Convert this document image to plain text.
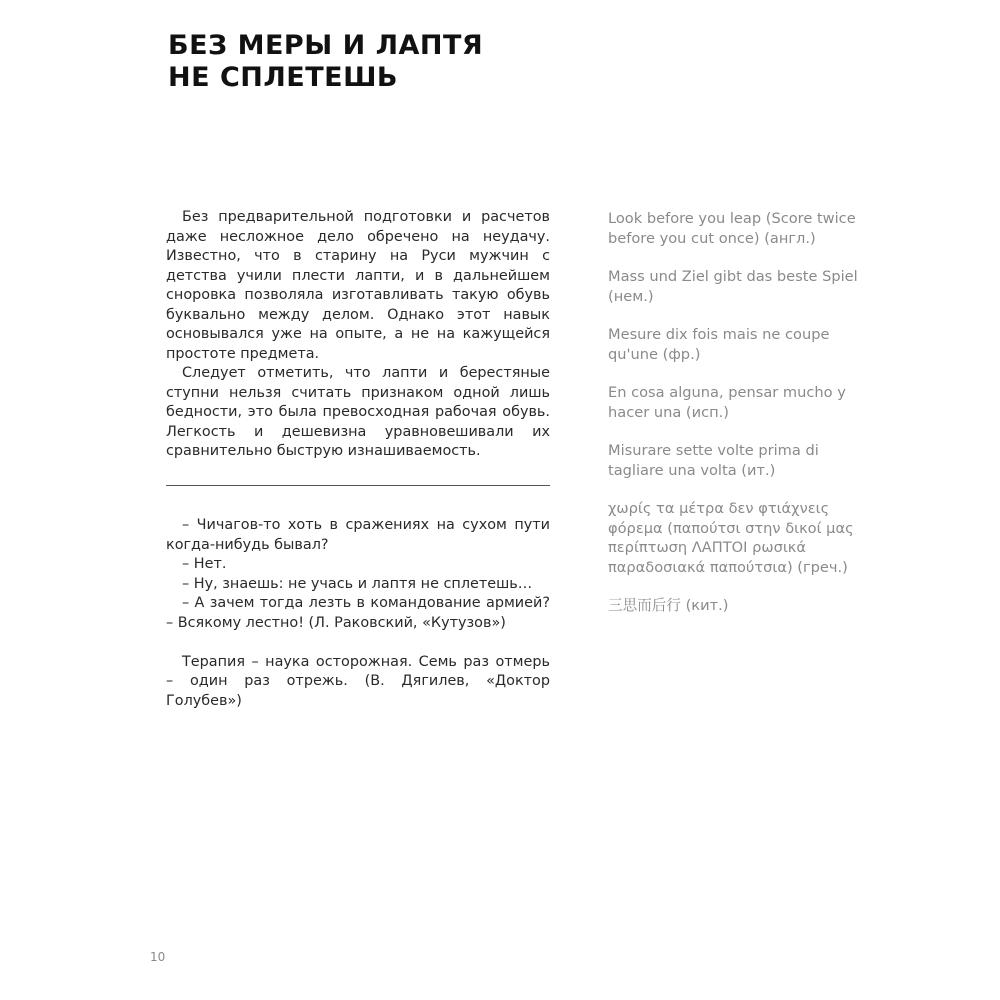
БЕЗ МЕРЫ И ЛАПТЯ
НЕ СПЛЕТЕШЬ

Без предварительной подготовки и расчетов даже несложное дело обречено на неудачу. Известно, что в старину на Руси мужчин с детства учили плести лапти, и в дальнейшем сноровка позволяла изготавливать такую обувь буквально между делом. Однако этот навык основывался уже на опыте, а не на кажущейся простоте предмета.

Следует отметить, что лапти и берестяные ступни нельзя считать признаком одной лишь бедности, это была превосходная рабочая обувь. Легкость и дешевизна уравновешивали их сравнительно быструю изнашиваемость.

– Чичагов-то хоть в сражениях на сухом пути когда-нибудь бывал?

– Нет.

– Ну, знаешь: не учась и лаптя не сплетешь…

– А зачем тогда лезть в командование армией? – Всякому лестно! (Л. Раковский, «Кутузов»)

Терапия – наука осторожная. Семь раз отмерь – один раз отрежь. (В. Дягилев, «Доктор Голубев»)

Look before you leap (Score twice before you cut once) (англ.)

Mass und Ziel gibt das beste Spiel (нем.)

Mesure dix fois mais ne coupe qu'une (фр.)

En cosa alguna, pensar mucho y hacer una (исп.)

Misurare sette volte prima di tagliare una volta (ит.)

χωρίς τα μέτρα δεν φτιάχνεις φόρεμα (παπούτσι στην δικοί μας περίπτωση ΛΑΠΤΟΙ ρωσικά παραδοσιακά παπούτσια) (греч.)

三思而后行 (кит.)

10
